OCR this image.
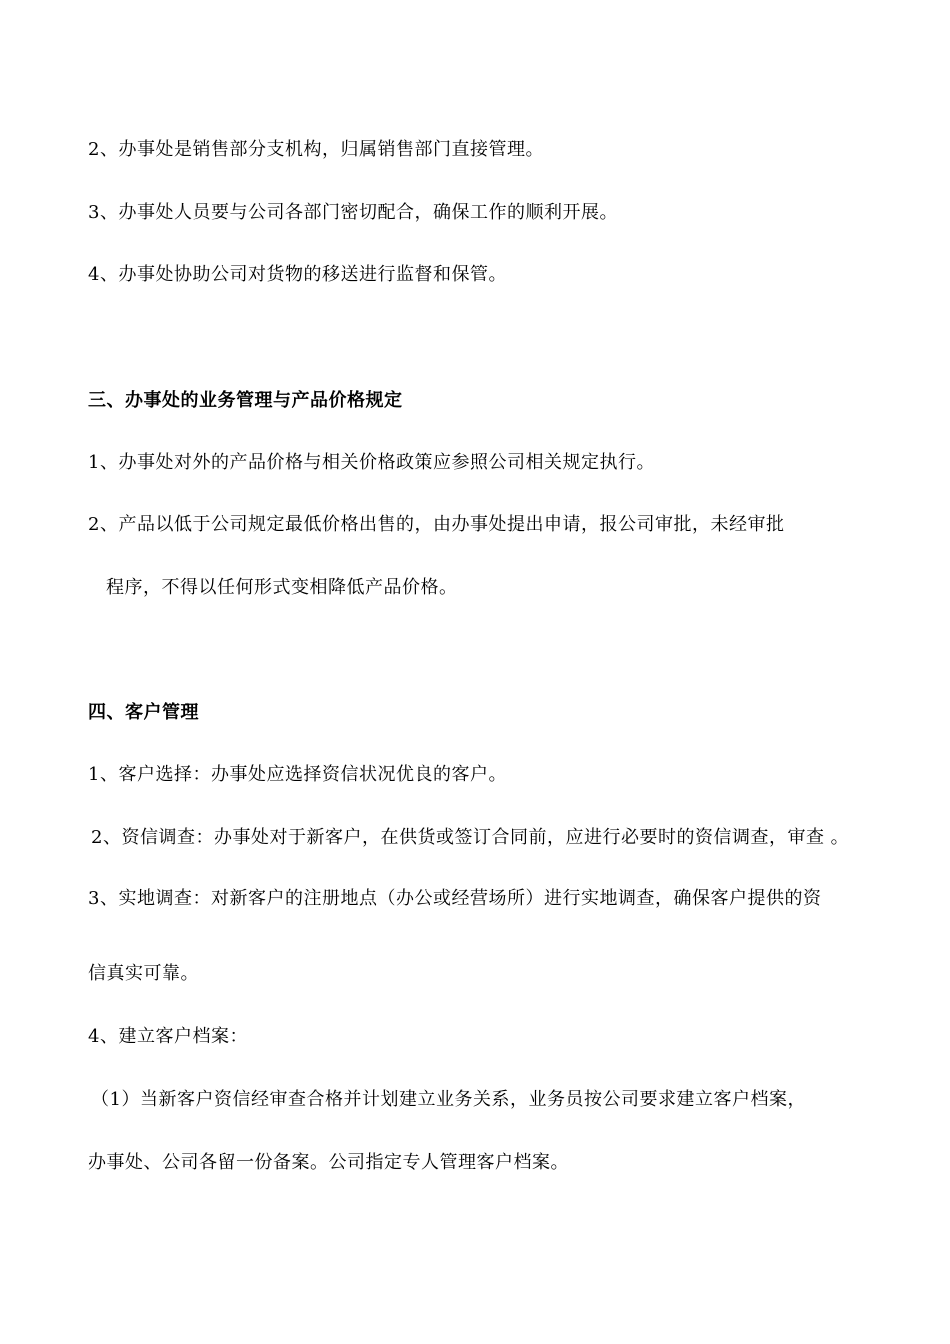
2、办事处是销售部分支机构，归属销售部门直接管理。
3、办事处人员要与公司各部门密切配合，确保工作的顺利开展。
4、办事处协助公司对货物的移送进行监督和保管。
三、办事处的业务管理与产品价格规定
1、办事处对外的产品价格与相关价格政策应参照公司相关规定执行。
2、产品以低于公司规定最低价格出售的，由办事处提出申请，报公司审批，未经审批
程序，不得以任何形式变相降低产品价格。
四、客户管理
1、客户选择：办事处应选择资信状况优良的客户。
2、资信调查：办事处对于新客户，在供货或签订合同前，应进行必要时的资信调查，审查 。
3、实地调查：对新客户的注册地点（办公或经营场所）进行实地调查，确保客户提供的资
信真实可靠。
4、建立客户档案：
（1）当新客户资信经审查合格并计划建立业务关系，业务员按公司要求建立客户档案，
办事处、公司各留一份备案。公司指定专人管理客户档案。
